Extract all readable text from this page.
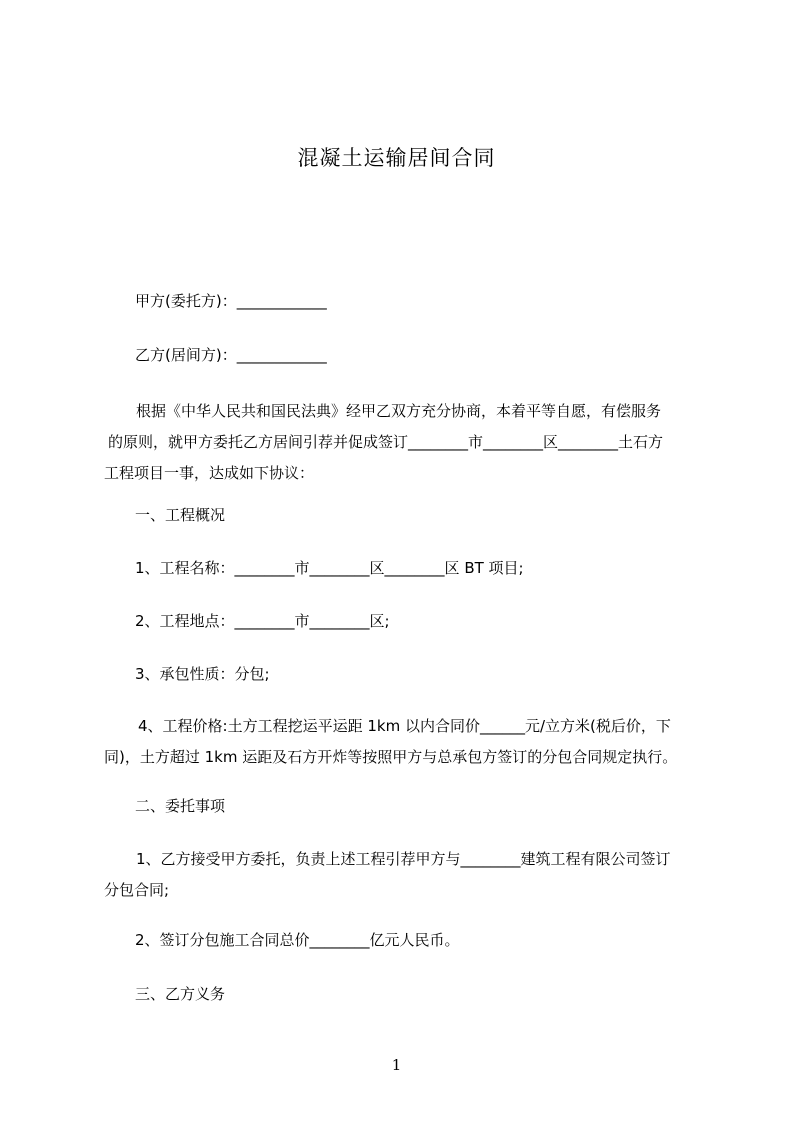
混凝土运输居间合同
甲方(委托方)：____________
乙方(居间方)：____________
根据《中华人民共和国民法典》经甲乙双方充分协商，本着平等自愿，有偿服务
的原则，就甲方委托乙方居间引荐并促成签订________市________区________土石方
工程项目一事，达成如下协议：
一、工程概况
1、工程名称：________市________区________区 BT 项目;
2、工程地点：________市________区;
3、承包性质：分包;
4、工程价格:土方工程挖运平运距 1km 以内合同价______元/立方米(税后价，下
同)，土方超过 1km 运距及石方开炸等按照甲方与总承包方签订的分包合同规定执行。
二、委托事项
1、乙方接受甲方委托，负责上述工程引荐甲方与________建筑工程有限公司签订
分包合同;
2、签订分包施工合同总价________亿元人民币。
三、乙方义务
1
